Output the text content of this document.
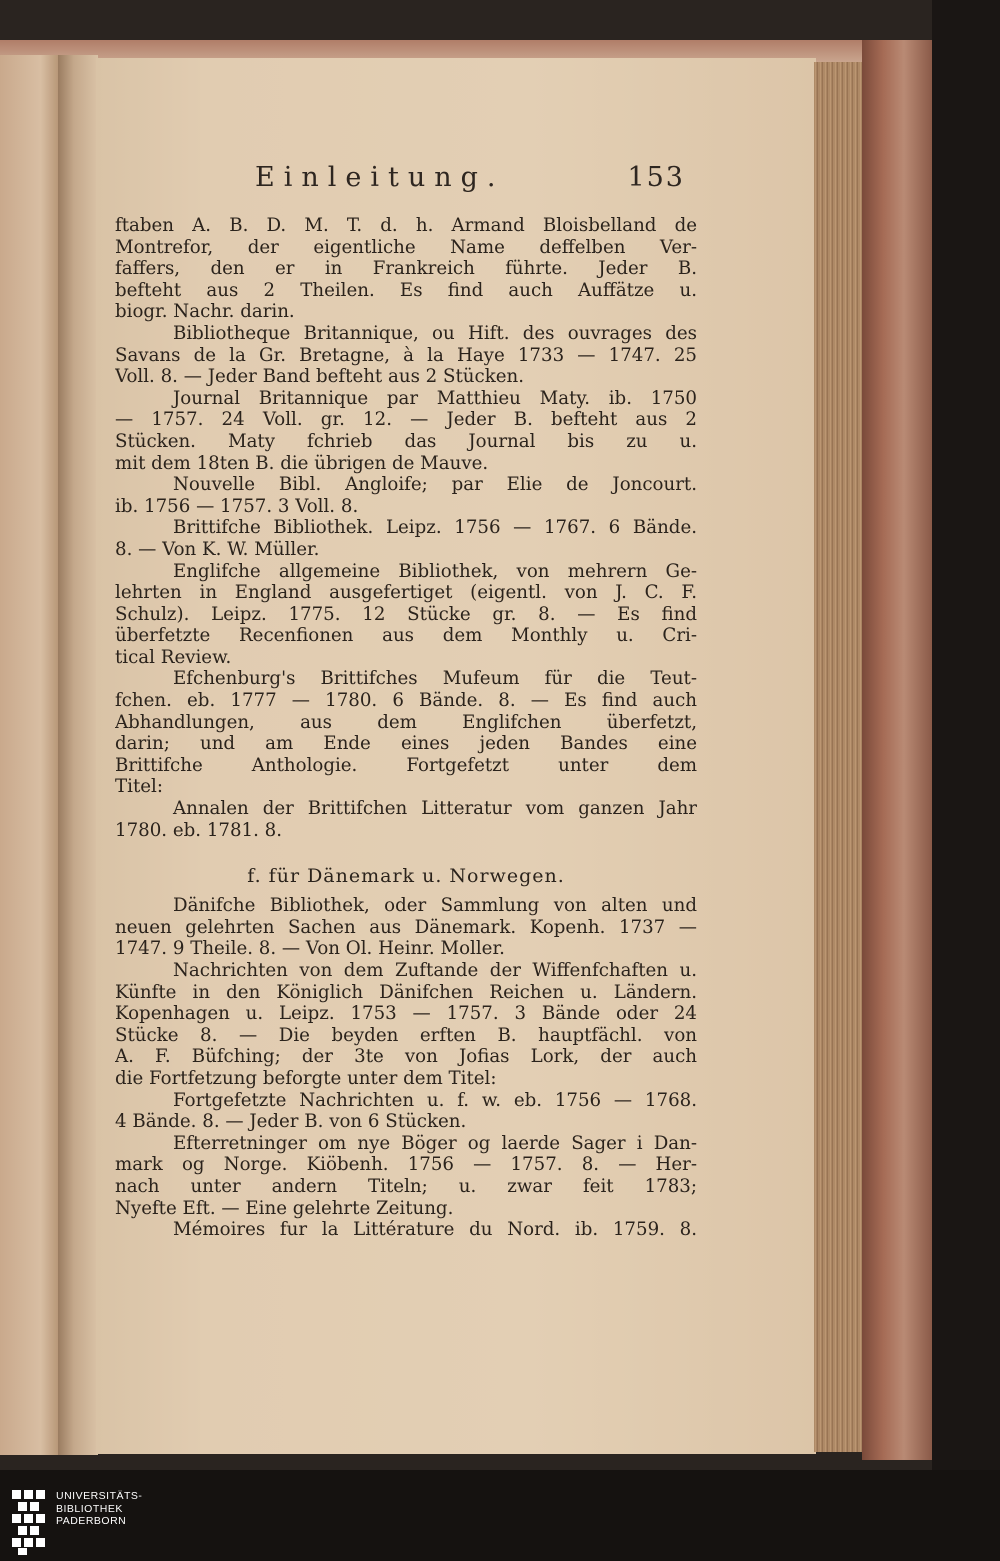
Einleitung.	153
ftaben A. B. D. M. T. d. h. Armand Bloisbelland de
Montrefor, der eigentliche Name deffelben Ver-
faffers, den er in Frankreich führte. Jeder B.
befteht aus 2 Theilen. Es find auch Auffätze u.
biogr. Nachr. darin.
Bibliotheque Britannique, ou Hift. des ouvrages des
Savans de la Gr. Bretagne, à la Haye 1733 — 1747. 25
Voll. 8. — Jeder Band befteht aus 2 Stücken.
Journal Britannique par Matthieu Maty. ib. 1750
— 1757. 24 Voll. gr. 12. — Jeder B. befteht aus 2
Stücken. Maty fchrieb das Journal bis zu u.
mit dem 18ten B. die übrigen de Mauve.
Nouvelle Bibl. Angloife; par Elie de Joncourt.
ib. 1756 — 1757. 3 Voll. 8.
Brittifche Bibliothek. Leipz. 1756 — 1767. 6 Bände.
8. — Von K. W. Müller.
Englifche allgemeine Bibliothek, von mehrern Ge-
lehrten in England ausgefertiget (eigentl. von J. C. F.
Schulz). Leipz. 1775. 12 Stücke gr. 8. — Es find
überfetzte Recenfionen aus dem Monthly u. Cri-
tical Review.
Efchenburg's Brittifches Mufeum für die Teut-
fchen. eb. 1777 — 1780. 6 Bände. 8. — Es find auch
Abhandlungen, aus dem Englifchen überfetzt,
darin; und am Ende eines jeden Bandes eine
Brittifche Anthologie. Fortgefetzt unter dem
Titel:
Annalen der Brittifchen Litteratur vom ganzen Jahr
1780. eb. 1781. 8.
f. für Dänemark u. Norwegen.
Dänifche Bibliothek, oder Sammlung von alten und
neuen gelehrten Sachen aus Dänemark. Kopenh. 1737 —
1747. 9 Theile. 8. — Von Ol. Heinr. Moller.
Nachrichten von dem Zuftande der Wiffenfchaften u.
Künfte in den Königlich Dänifchen Reichen u. Ländern.
Kopenhagen u. Leipz. 1753 — 1757. 3 Bände oder 24
Stücke 8. — Die beyden erften B. hauptfächl. von
A. F. Büfching; der 3te von Jofias Lork, der auch
die Fortfetzung beforgte unter dem Titel:
Fortgefetzte Nachrichten u. f. w. eb. 1756 — 1768.
4 Bände. 8. — Jeder B. von 6 Stücken.
Efterretninger om nye Böger og laerde Sager i Dan-
mark og Norge. Kiöbenh. 1756 — 1757. 8. — Her-
nach unter andern Titeln; u. zwar feit 1783;
Nyefte Eft. — Eine gelehrte Zeitung.
Mémoires fur la Littérature du Nord. ib. 1759. 8.
UNIVERSITÄTS-
BIBLIOTHEK
PADERBORN
